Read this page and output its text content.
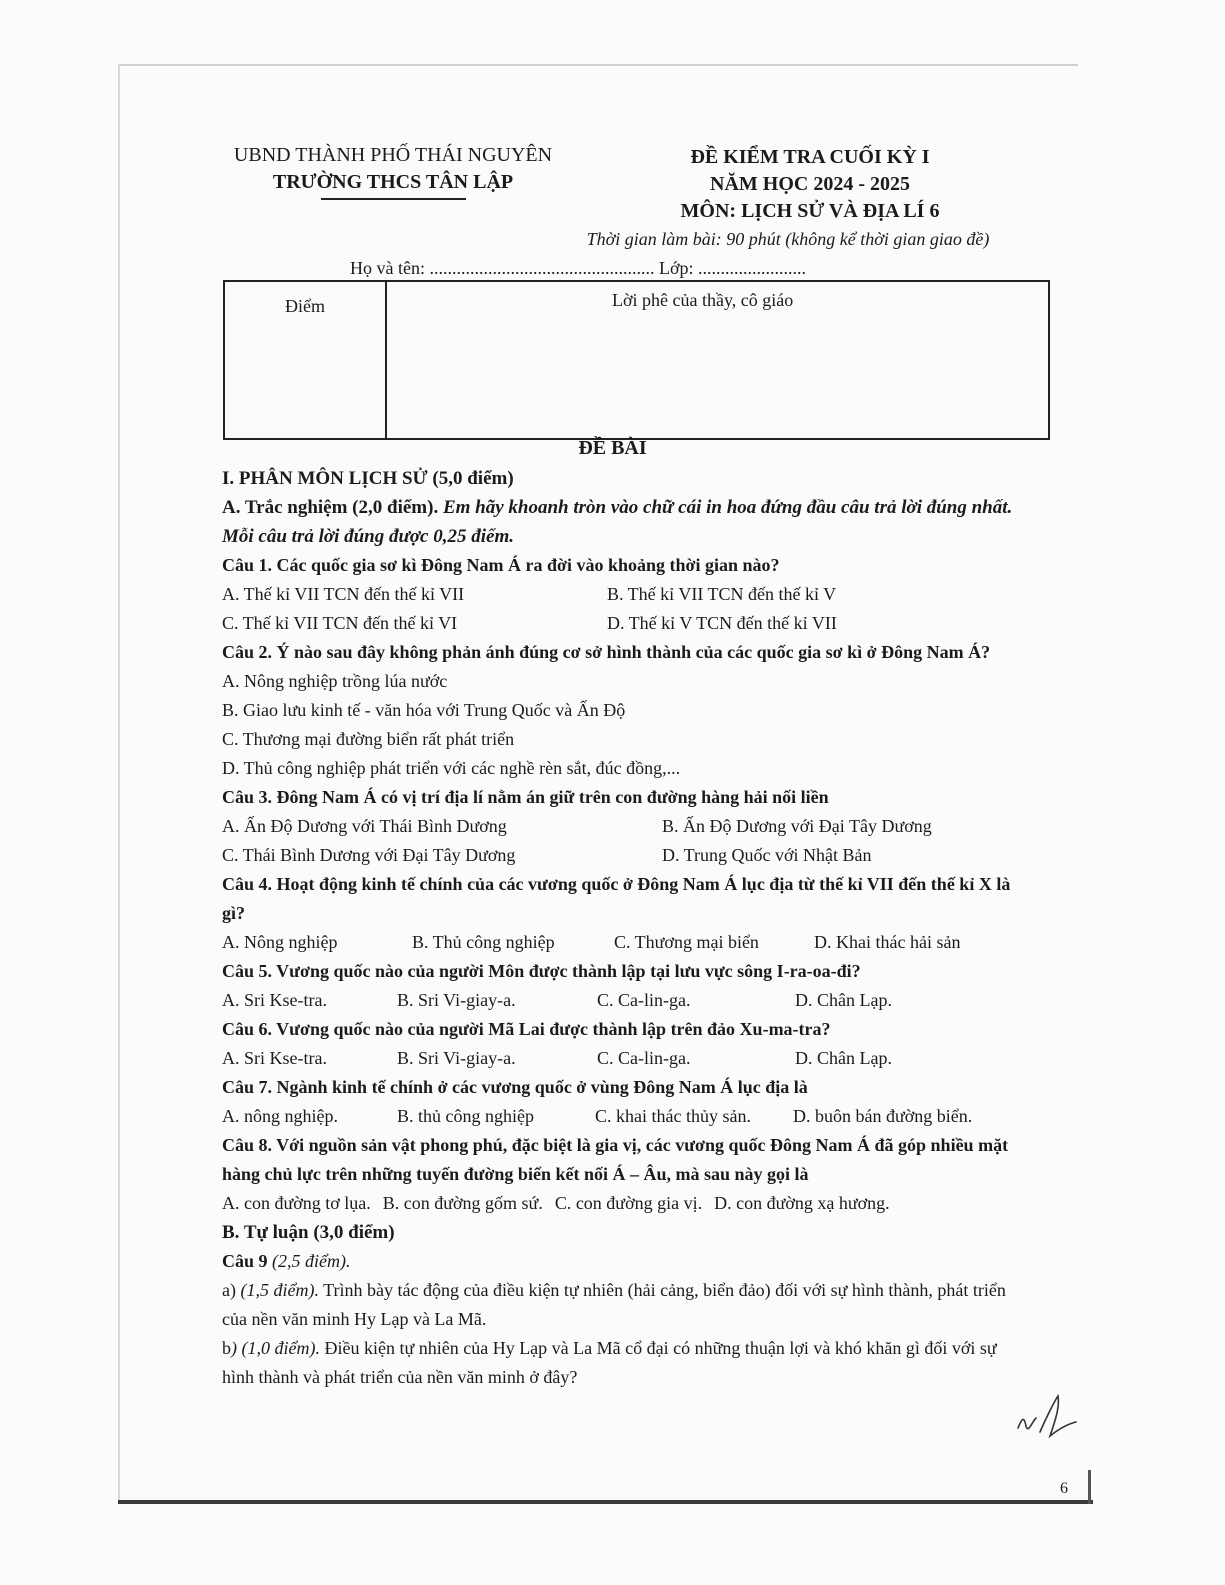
UBND THÀNH PHỐ THÁI NGUYÊN
TRƯỜNG THCS TÂN LẬP
ĐỀ KIỂM TRA CUỐI KỲ I
NĂM HỌC 2024 - 2025
MÔN: LỊCH SỬ VÀ ĐỊA LÍ 6
Thời gian làm bài: 90 phút (không kể thời gian giao đề)
Họ và tên: .................................................. Lớp: ........................
Điểm	Lời phê của thầy, cô giáo
ĐỀ BÀI
I. PHÂN MÔN LỊCH SỬ (5,0 điểm)
A. Trắc nghiệm (2,0 điểm). Em hãy khoanh tròn vào chữ cái in hoa đứng đầu câu trả lời đúng nhất. Mỗi câu trả lời đúng được 0,25 điểm.
Câu 1. Các quốc gia sơ kì Đông Nam Á ra đời vào khoảng thời gian nào?
A. Thế kỉ VII TCN đến thế kỉ VII	B. Thế kỉ VII TCN đến thế kỉ V
C. Thế kỉ VII TCN đến thế kỉ VI	D. Thế kỉ V TCN đến thế kỉ VII
Câu 2. Ý nào sau đây không phản ánh đúng cơ sở hình thành của các quốc gia sơ kì ở Đông Nam Á?
A. Nông nghiệp trồng lúa nước
B. Giao lưu kinh tế - văn hóa với Trung Quốc và Ấn Độ
C. Thương mại đường biển rất phát triển
D. Thủ công nghiệp phát triển với các nghề rèn sắt, đúc đồng,...
Câu 3. Đông Nam Á có vị trí địa lí nằm án giữ trên con đường hàng hải nối liền
A. Ấn Độ Dương với Thái Bình Dương	B. Ấn Độ Dương với Đại Tây Dương
C. Thái Bình Dương với Đại Tây Dương	D. Trung Quốc với Nhật Bản
Câu 4. Hoạt động kinh tế chính của các vương quốc ở Đông Nam Á lục địa từ thế kỉ VII đến thế kỉ X là gì?
A. Nông nghiệp	B. Thủ công nghiệp	C. Thương mại biển	D. Khai thác hải sản
Câu 5. Vương quốc nào của người Môn được thành lập tại lưu vực sông I-ra-oa-đi?
A. Sri Kse-tra.	B. Sri Vi-giay-a.	C. Ca-lin-ga.	D. Chân Lạp.
Câu 6. Vương quốc nào của người Mã Lai được thành lập trên đảo Xu-ma-tra?
A. Sri Kse-tra.	B. Sri Vi-giay-a.	C. Ca-lin-ga.	D. Chân Lạp.
Câu 7. Ngành kinh tế chính ở các vương quốc ở vùng Đông Nam Á lục địa là
A. nông nghiệp.	B. thủ công nghiệp	C. khai thác thủy sản.	D. buôn bán đường biển.
Câu 8. Với nguồn sản vật phong phú, đặc biệt là gia vị, các vương quốc Đông Nam Á đã góp nhiều mặt hàng chủ lực trên những tuyến đường biển kết nối Á – Âu, mà sau này gọi là
A. con đường tơ lụa. B. con đường gốm sứ. C. con đường gia vị. D. con đường xạ hương.
B. Tự luận (3,0 điểm)
Câu 9 (2,5 điểm).
a) (1,5 điểm). Trình bày tác động của điều kiện tự nhiên (hải cảng, biển đảo) đối với sự hình thành, phát triển của nền văn minh Hy Lạp và La Mã.
b) (1,0 điểm). Điều kiện tự nhiên của Hy Lạp và La Mã cổ đại có những thuận lợi và khó khăn gì đối với sự hình thành và phát triển của nền văn minh ở đây?
6
